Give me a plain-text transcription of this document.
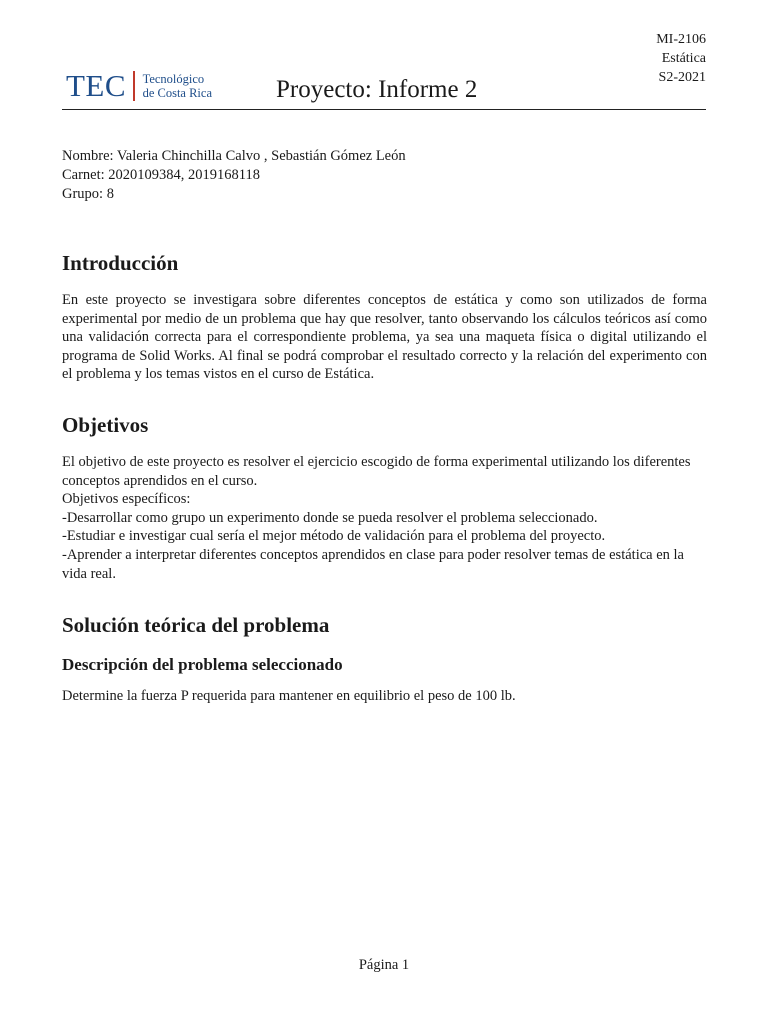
TEC Tecnológico
de Costa Rica	Proyecto: Informe 2
MI-2106
Estática
S2-2021
Nombre: Valeria Chinchilla Calvo , Sebastián Gómez León
Carnet: 2020109384, 2019168118
Grupo: 8
Introducción

En este proyecto se investigara sobre diferentes conceptos de estática y como son utilizados de forma experimental por medio de un problema que hay que resolver, tanto observando los cálculos teóricos así como una validación correcta para el correspondiente problema, ya sea una maqueta física o digital utilizando el programa de Solid Works. Al final se podrá comprobar el resultado correcto y la relación del experimento con el problema y los temas vistos en el curso de Estática.

Objetivos

El objetivo de este proyecto es resolver el ejercicio escogido de forma experimental utilizando los diferentes conceptos aprendidos en el curso.

Objetivos específicos:

-Desarrollar como grupo un experimento donde se pueda resolver el problema seleccionado.

-Estudiar e investigar cual sería el mejor método de validación para el problema del proyecto.

-Aprender a interpretar diferentes conceptos aprendidos en clase para poder resolver temas de estática en la vida real.

Solución teórica del problema
Descripción del problema seleccionado

Determine la fuerza P requerida para mantener en equilibrio el peso de 100 lb.

Página 1
